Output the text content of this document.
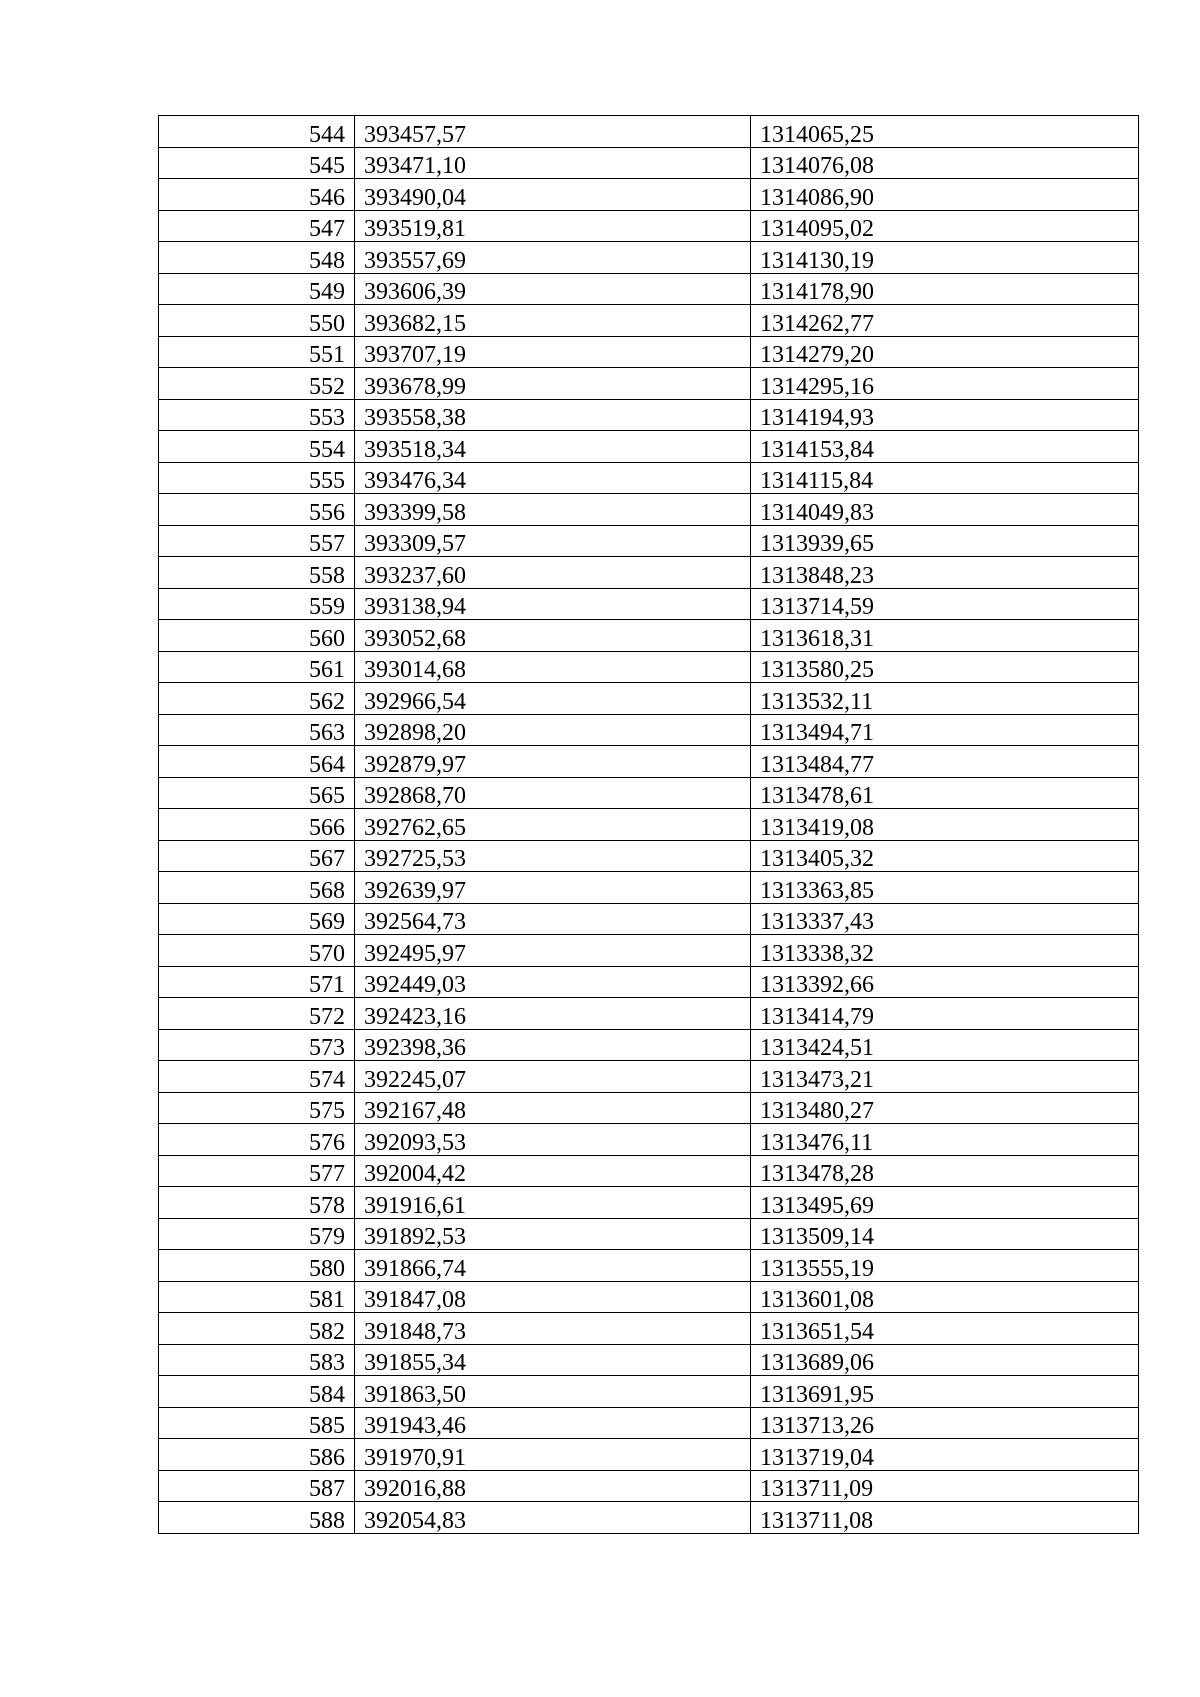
544	393457,57	1314065,25
545	393471,10	1314076,08
546	393490,04	1314086,90
547	393519,81	1314095,02
548	393557,69	1314130,19
549	393606,39	1314178,90
550	393682,15	1314262,77
551	393707,19	1314279,20
552	393678,99	1314295,16
553	393558,38	1314194,93
554	393518,34	1314153,84
555	393476,34	1314115,84
556	393399,58	1314049,83
557	393309,57	1313939,65
558	393237,60	1313848,23
559	393138,94	1313714,59
560	393052,68	1313618,31
561	393014,68	1313580,25
562	392966,54	1313532,11
563	392898,20	1313494,71
564	392879,97	1313484,77
565	392868,70	1313478,61
566	392762,65	1313419,08
567	392725,53	1313405,32
568	392639,97	1313363,85
569	392564,73	1313337,43
570	392495,97	1313338,32
571	392449,03	1313392,66
572	392423,16	1313414,79
573	392398,36	1313424,51
574	392245,07	1313473,21
575	392167,48	1313480,27
576	392093,53	1313476,11
577	392004,42	1313478,28
578	391916,61	1313495,69
579	391892,53	1313509,14
580	391866,74	1313555,19
581	391847,08	1313601,08
582	391848,73	1313651,54
583	391855,34	1313689,06
584	391863,50	1313691,95
585	391943,46	1313713,26
586	391970,91	1313719,04
587	392016,88	1313711,09
588	392054,83	1313711,08
